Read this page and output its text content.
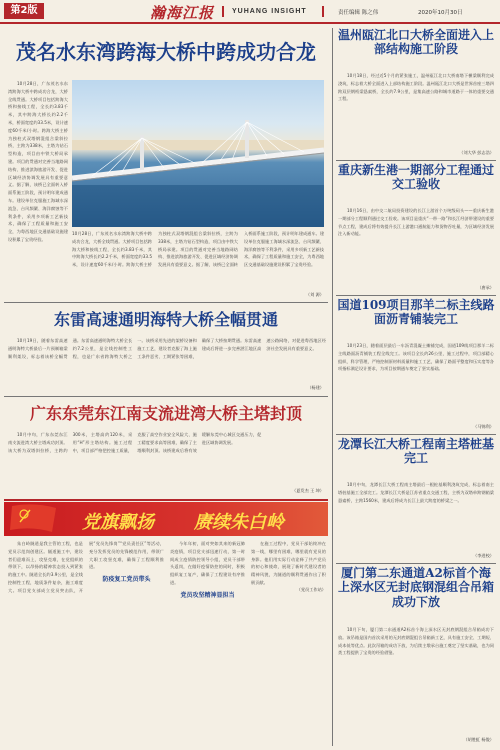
第2版	瀚海江报	YUHANG INSIGHT	责任编辑 陈之伟	2020年10月30日
茂名水东湾跨海大桥中跨成功合龙
10月28日，广东茂名水东湾跨海大桥中跨成功合龙，大桥全线贯通。大桥项目包括跨海大桥和接线工程，全长约3.83千米，其中跨海大桥长约2.2千米，桥面宽度约33.5米，设计速度60千米/小时。跨海大桥主桥为独柱式双塔钢混组合梁斜拉桥，主跨为338米，主塔为钻石型构造，项目由中铁大桥局承建。项目的贯通对完善当地路网结构、推进滨海旅游开发、促进区域经济协调发展具有重要意义。据了解，该桥已全面转入桥面系施工阶段，预计明年建成通车。建设单位克服施工海域水深流急、台风频繁、海洋腐蚀等不利条件，采用多项新工艺新技术，确保了工程质量和施工安全，为粤西地区交通基础设施建设积累了宝贵经验。
10月28日，广东茂名水东湾跨海大桥中跨成功合龙，大桥全线贯通。大桥项目包括跨海大桥和接线工程，全长约3.83千米，其中跨海大桥长约2.2千米，桥面宽度约33.5米，设计速度60千米/小时。跨海大桥主桥为独柱式双塔钢混组合梁斜拉桥，主跨为338米，主塔为钻石型构造，项目由中铁大桥局承建。项目的贯通对完善当地路网结构、推进滨海旅游开发、促进区域经济协调发展具有重要意义。据了解，该桥已全面转入桥面系施工阶段，预计明年建成通车。建设单位克服施工海域水深流急、台风频繁、海洋腐蚀等不利条件，采用多项新工艺新技术，确保了工程质量和施工安全，为粤西地区交通基础设施建设积累了宝贵经验。
（刘 源）
东雷高速通明海特大桥全幅贯通
10月19日，随着东雷高速通明海特大桥最后一片预制箱梁顺利架设，标志着该桥全幅贯通。东雷高速通明海特大桥全长约7.2公里，是全线控制性工程，也是广东省跨海特大桥之一。该桥采用先进的架桥设备和施工工艺，建设者克服了海上施工条件恶劣、工期紧张等困难，确保了大桥按期贯通。东雷高速建成后将进一步完善湛江地区高速公路网络，对促进粤西地区经济社会发展具有重要意义。
（杨建）
广东东莞东江南支流进湾大桥主塔封顶
10月中旬，广东东莞东江南支流进湾大桥主塔成功封顶。该大桥为双塔斜拉桥，主跨约300米，主塔高约120米，采用“H”形主塔结构。施工过程中，项目部严格把控施工质量，克服了高空作业安全风险大、施工精度要求高等困难，确保了主塔顺利封顶。该桥建成后将有效缓解东莞中心城区交通压力，促进区域协调发展。
（夏发杰 王 坤）
党旗飘扬 赓续朱白岭
朱白岭隧道是我主管的工程，也是党员示范岗创建区。隧道施工中，建设者们迎难而上，攻坚克难，在党组织的带领下，以昂扬的精神状态投入到紧张的施工中。隧道全长约3.9公里，是全线控制性工程，地质条件复杂，施工难度大。项目党支部成立党员突击队，开展“党员先锋岗”“党员责任区”等活动，充分发挥党员的先锋模范作用，带领广大职工攻坚克难，确保了工程顺利推进。
防疫复工党员带头
今年年初，面对突如其来的新冠肺炎疫情，项目党支部迅速行动，第一时间成立疫情防控领导小组，党员干部带头返岗，在做好疫情防控的同时，积极组织复工复产，确保了工程建设有序推进。
党员攻坚精神显担当
在施工过程中，党员干部始终冲在第一线，哪里有困难，哪里就有党员的身影。他们用实际行动诠释了共产党员的初心和使命，展现了新时代建设者的精神风貌，为隧道的顺利贯通作出了积极贡献。
（党员工作站）
温州瓯江北口大桥全面进入上部结构施工阶段
10月18日，经过近5个月的紧张施工，温州瓯江北口大桥南塔下横梁顺利完成浇筑，标志着大桥全面进入上部结构施工阶段。温州瓯江北口大桥是世界首座三塔四跨双层钢桁梁悬索桥，全长约7.9公里，是集高速公路和城市道路于一体的重要交通工程。
（刘大华 彭志浩）
重庆新生港一期部分工程通过交工验收
10月16日，由中交二航局投资建设的长江上游首个万吨级码头——重庆新生港一期部分工程顺利通过交工验收。该项目是重庆“一带一路”和长江经济带建设的重要节点工程，建成后将有效提升长江上游港口通航能力和货物吞吐量，为区域经济发展注入新动能。
（唐承）
国道109项目那羊二标主线路面沥青铺装完工
10月23日，随着面层最后一车沥青混凝土摊铺完成，国道109线项目那羊二标主线路面沥青铺装工程全线完工。该项目全长约26公里，施工过程中，项目部精心组织、科学管理，严格控制原材料质量和施工工艺，确保了路面平整度和压实度等各项指标满足设计要求，为项目按期通车奠定了坚实基础。
（马锦利）
龙潭长江大桥工程南主塔桩基完工
10月中旬，龙潭长江大桥工程南主塔最后一根桩基顺利浇筑完成，标志着南主塔桩基施工全部完工。龙潭长江大桥是江苏省重点交通工程，主桥为双塔单跨钢箱梁悬索桥，主跨1560米，建成后将成为长江上最大跨度的桥梁之一。
（李进校）
厦门第二东通道A2标首个海上深水区无封底钢混组合吊箱成功下放
10月下旬，厦门第二东通道A2标首个海上深水区无封底钢混组合吊箱成功下放。该吊箱是国内首次采用的无封底钢混组合吊箱新工艺，具有施工安全、工期短、成本低等优点。此次吊箱的成功下放，为后续主墩承台施工奠定了坚实基础，也为同类工程提供了宝贵的经验借鉴。
（胡胜虹 杨俊）
